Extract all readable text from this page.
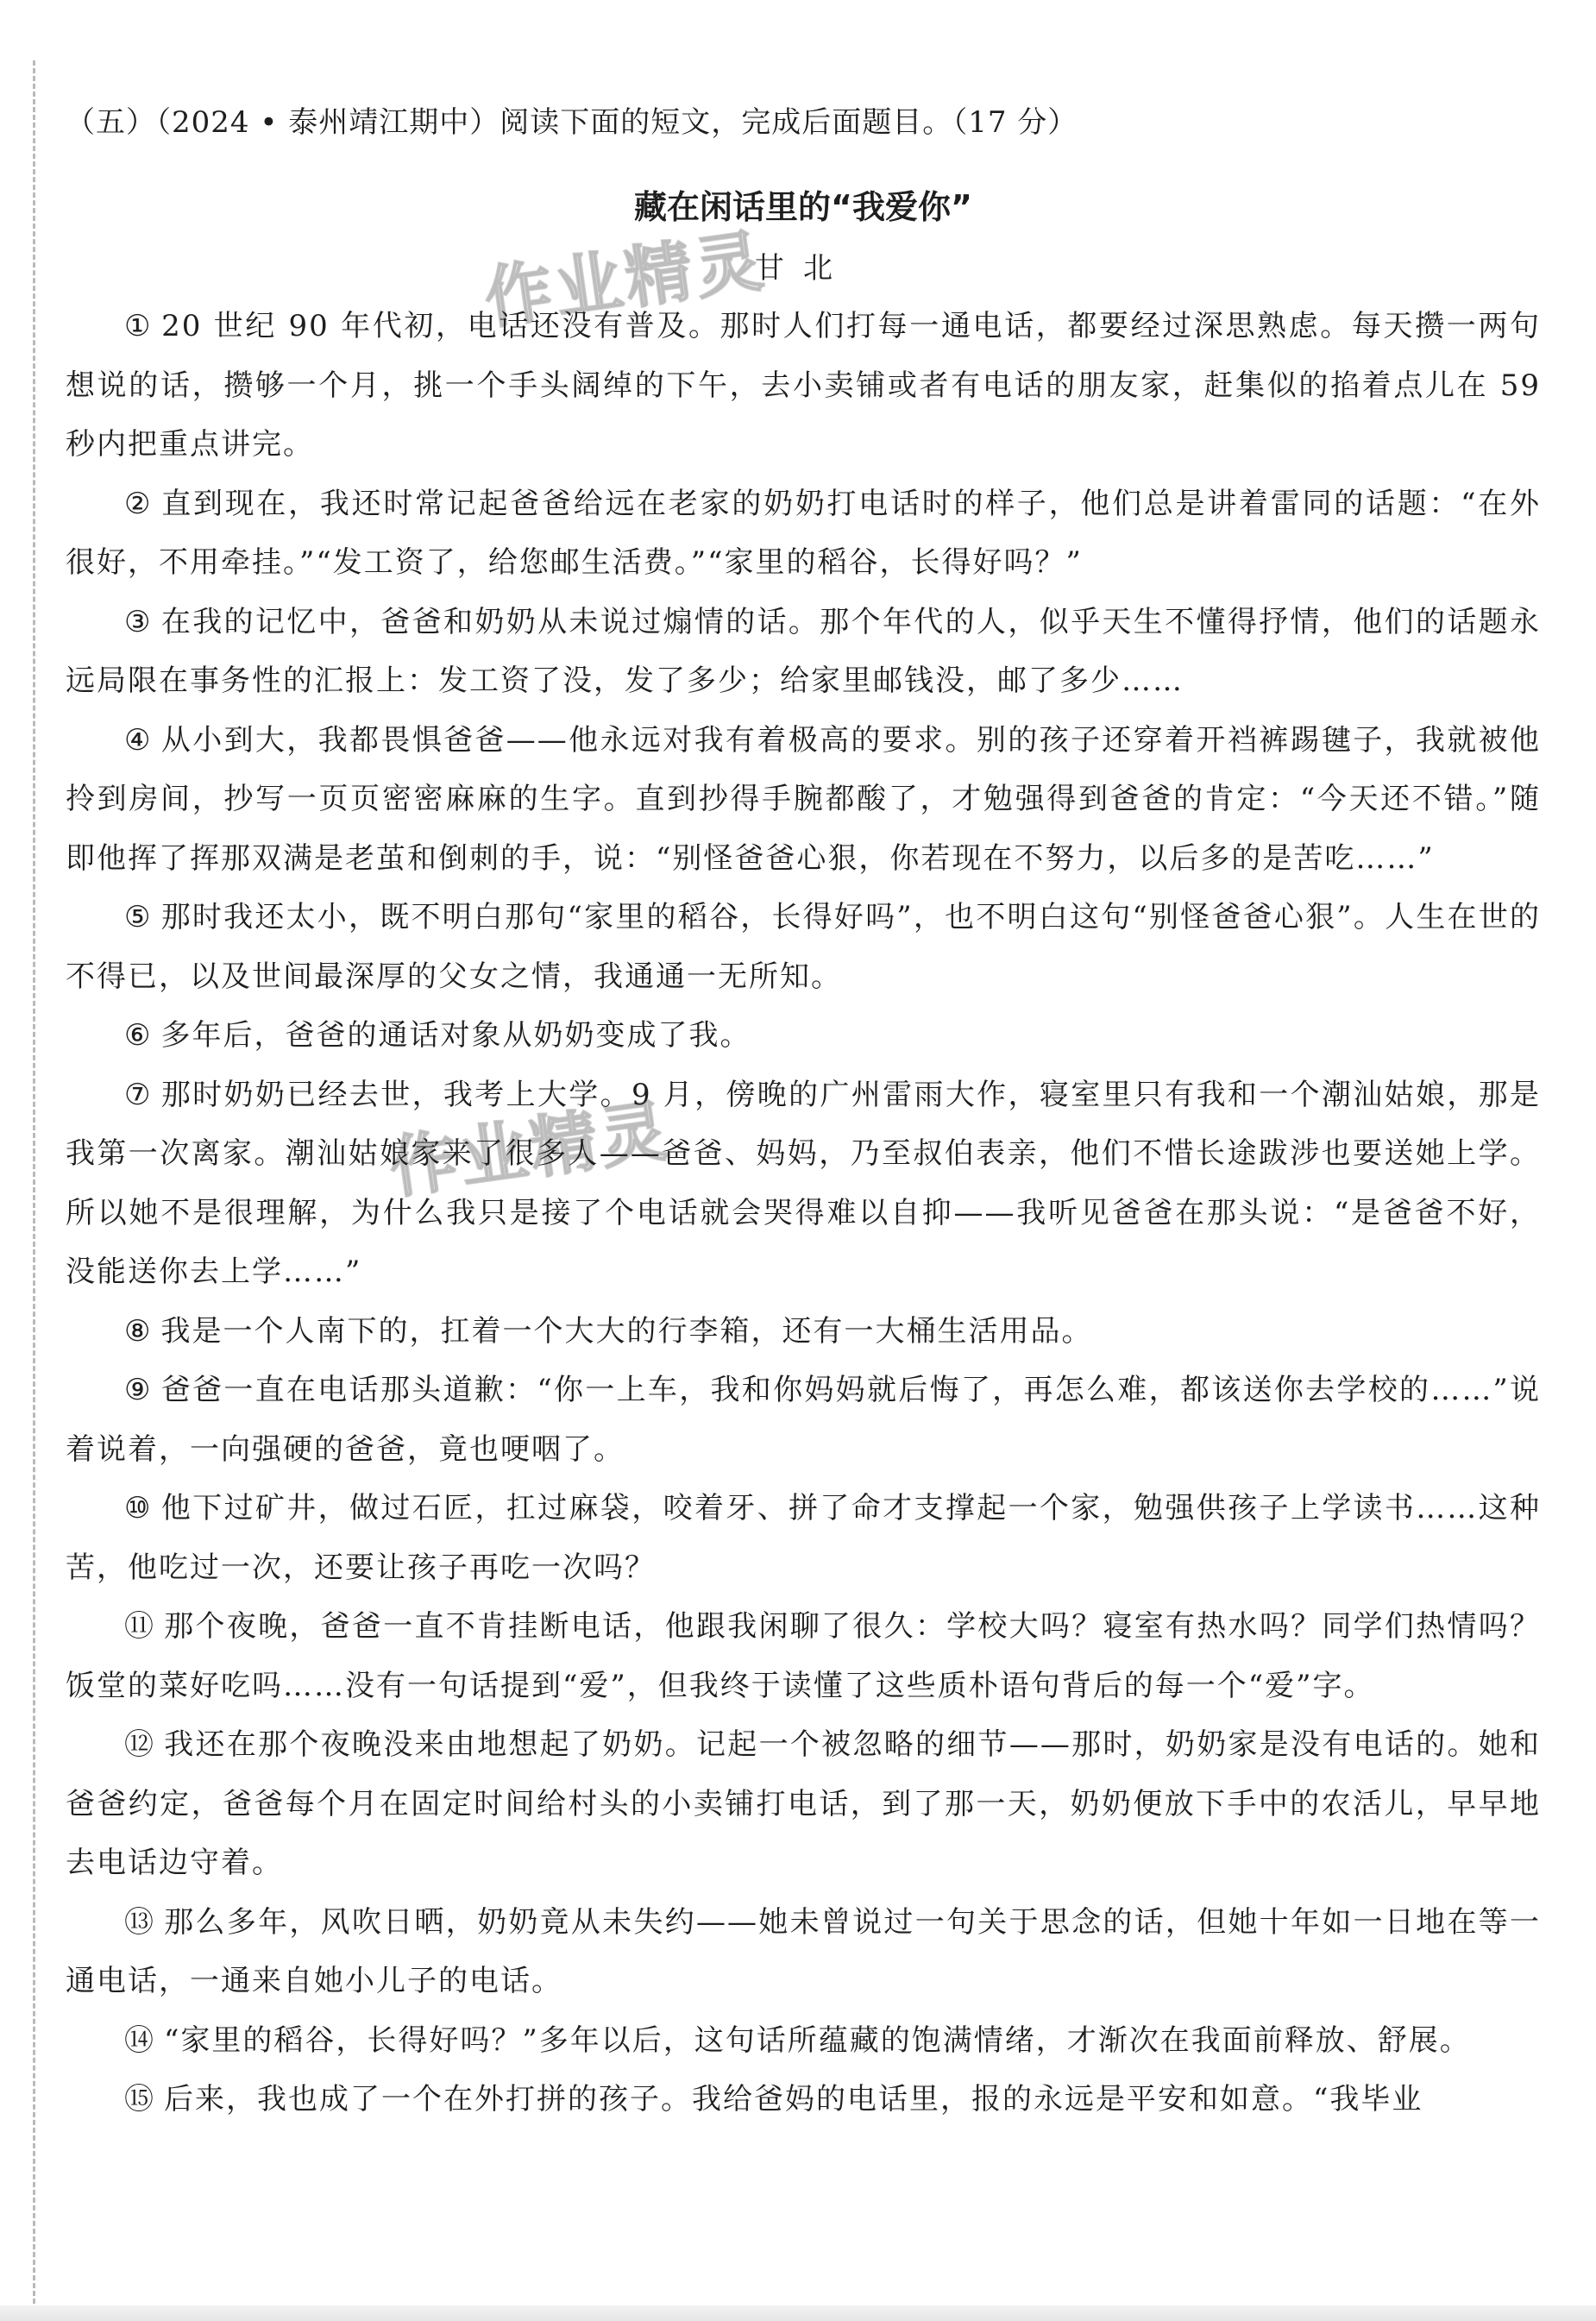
作业精灵
作业精灵
（五）（2024 • 泰州靖江期中）阅读下面的短文，完成后面题目。（17 分）
藏在闲话里的“我爱你”
甘北

① 20 世纪 90 年代初，电话还没有普及。那时人们打每一通电话，都要经过深思熟虑。每天攒一两句想说的话，攒够一个月，挑一个手头阔绰的下午，去小卖铺或者有电话的朋友家，赶集似的掐着点儿在 59 秒内把重点讲完。

② 直到现在，我还时常记起爸爸给远在老家的奶奶打电话时的样子，他们总是讲着雷同的话题：“在外很好，不用牵挂。”“发工资了，给您邮生活费。”“家里的稻谷，长得好吗？”

③ 在我的记忆中，爸爸和奶奶从未说过煽情的话。那个年代的人，似乎天生不懂得抒情，他们的话题永远局限在事务性的汇报上：发工资了没，发了多少；给家里邮钱没，邮了多少……

④ 从小到大，我都畏惧爸爸——他永远对我有着极高的要求。别的孩子还穿着开裆裤踢毽子，我就被他拎到房间，抄写一页页密密麻麻的生字。直到抄得手腕都酸了，才勉强得到爸爸的肯定：“今天还不错。”随即他挥了挥那双满是老茧和倒刺的手，说：“别怪爸爸心狠，你若现在不努力，以后多的是苦吃……”

⑤ 那时我还太小，既不明白那句“家里的稻谷，长得好吗”，也不明白这句“别怪爸爸心狠”。人生在世的不得已，以及世间最深厚的父女之情，我通通一无所知。

⑥ 多年后，爸爸的通话对象从奶奶变成了我。

⑦ 那时奶奶已经去世，我考上大学。9 月，傍晚的广州雷雨大作，寝室里只有我和一个潮汕姑娘，那是我第一次离家。潮汕姑娘家来了很多人——爸爸、妈妈，乃至叔伯表亲，他们不惜长途跋涉也要送她上学。所以她不是很理解，为什么我只是接了个电话就会哭得难以自抑——我听见爸爸在那头说：“是爸爸不好，没能送你去上学……”

⑧ 我是一个人南下的，扛着一个大大的行李箱，还有一大桶生活用品。

⑨ 爸爸一直在电话那头道歉：“你一上车，我和你妈妈就后悔了，再怎么难，都该送你去学校的……”说着说着，一向强硬的爸爸，竟也哽咽了。

⑩ 他下过矿井，做过石匠，扛过麻袋，咬着牙、拼了命才支撑起一个家，勉强供孩子上学读书……这种苦，他吃过一次，还要让孩子再吃一次吗？

⑪ 那个夜晚，爸爸一直不肯挂断电话，他跟我闲聊了很久：学校大吗？寝室有热水吗？同学们热情吗？饭堂的菜好吃吗……没有一句话提到“爱”，但我终于读懂了这些质朴语句背后的每一个“爱”字。

⑫ 我还在那个夜晚没来由地想起了奶奶。记起一个被忽略的细节——那时，奶奶家是没有电话的。她和爸爸约定，爸爸每个月在固定时间给村头的小卖铺打电话，到了那一天，奶奶便放下手中的农活儿，早早地去电话边守着。

⑬ 那么多年，风吹日晒，奶奶竟从未失约——她未曾说过一句关于思念的话，但她十年如一日地在等一通电话，一通来自她小儿子的电话。

⑭ “家里的稻谷，长得好吗？”多年以后，这句话所蕴藏的饱满情绪，才渐次在我面前释放、舒展。

⑮ 后来，我也成了一个在外打拼的孩子。我给爸妈的电话里，报的永远是平安和如意。“我毕业
